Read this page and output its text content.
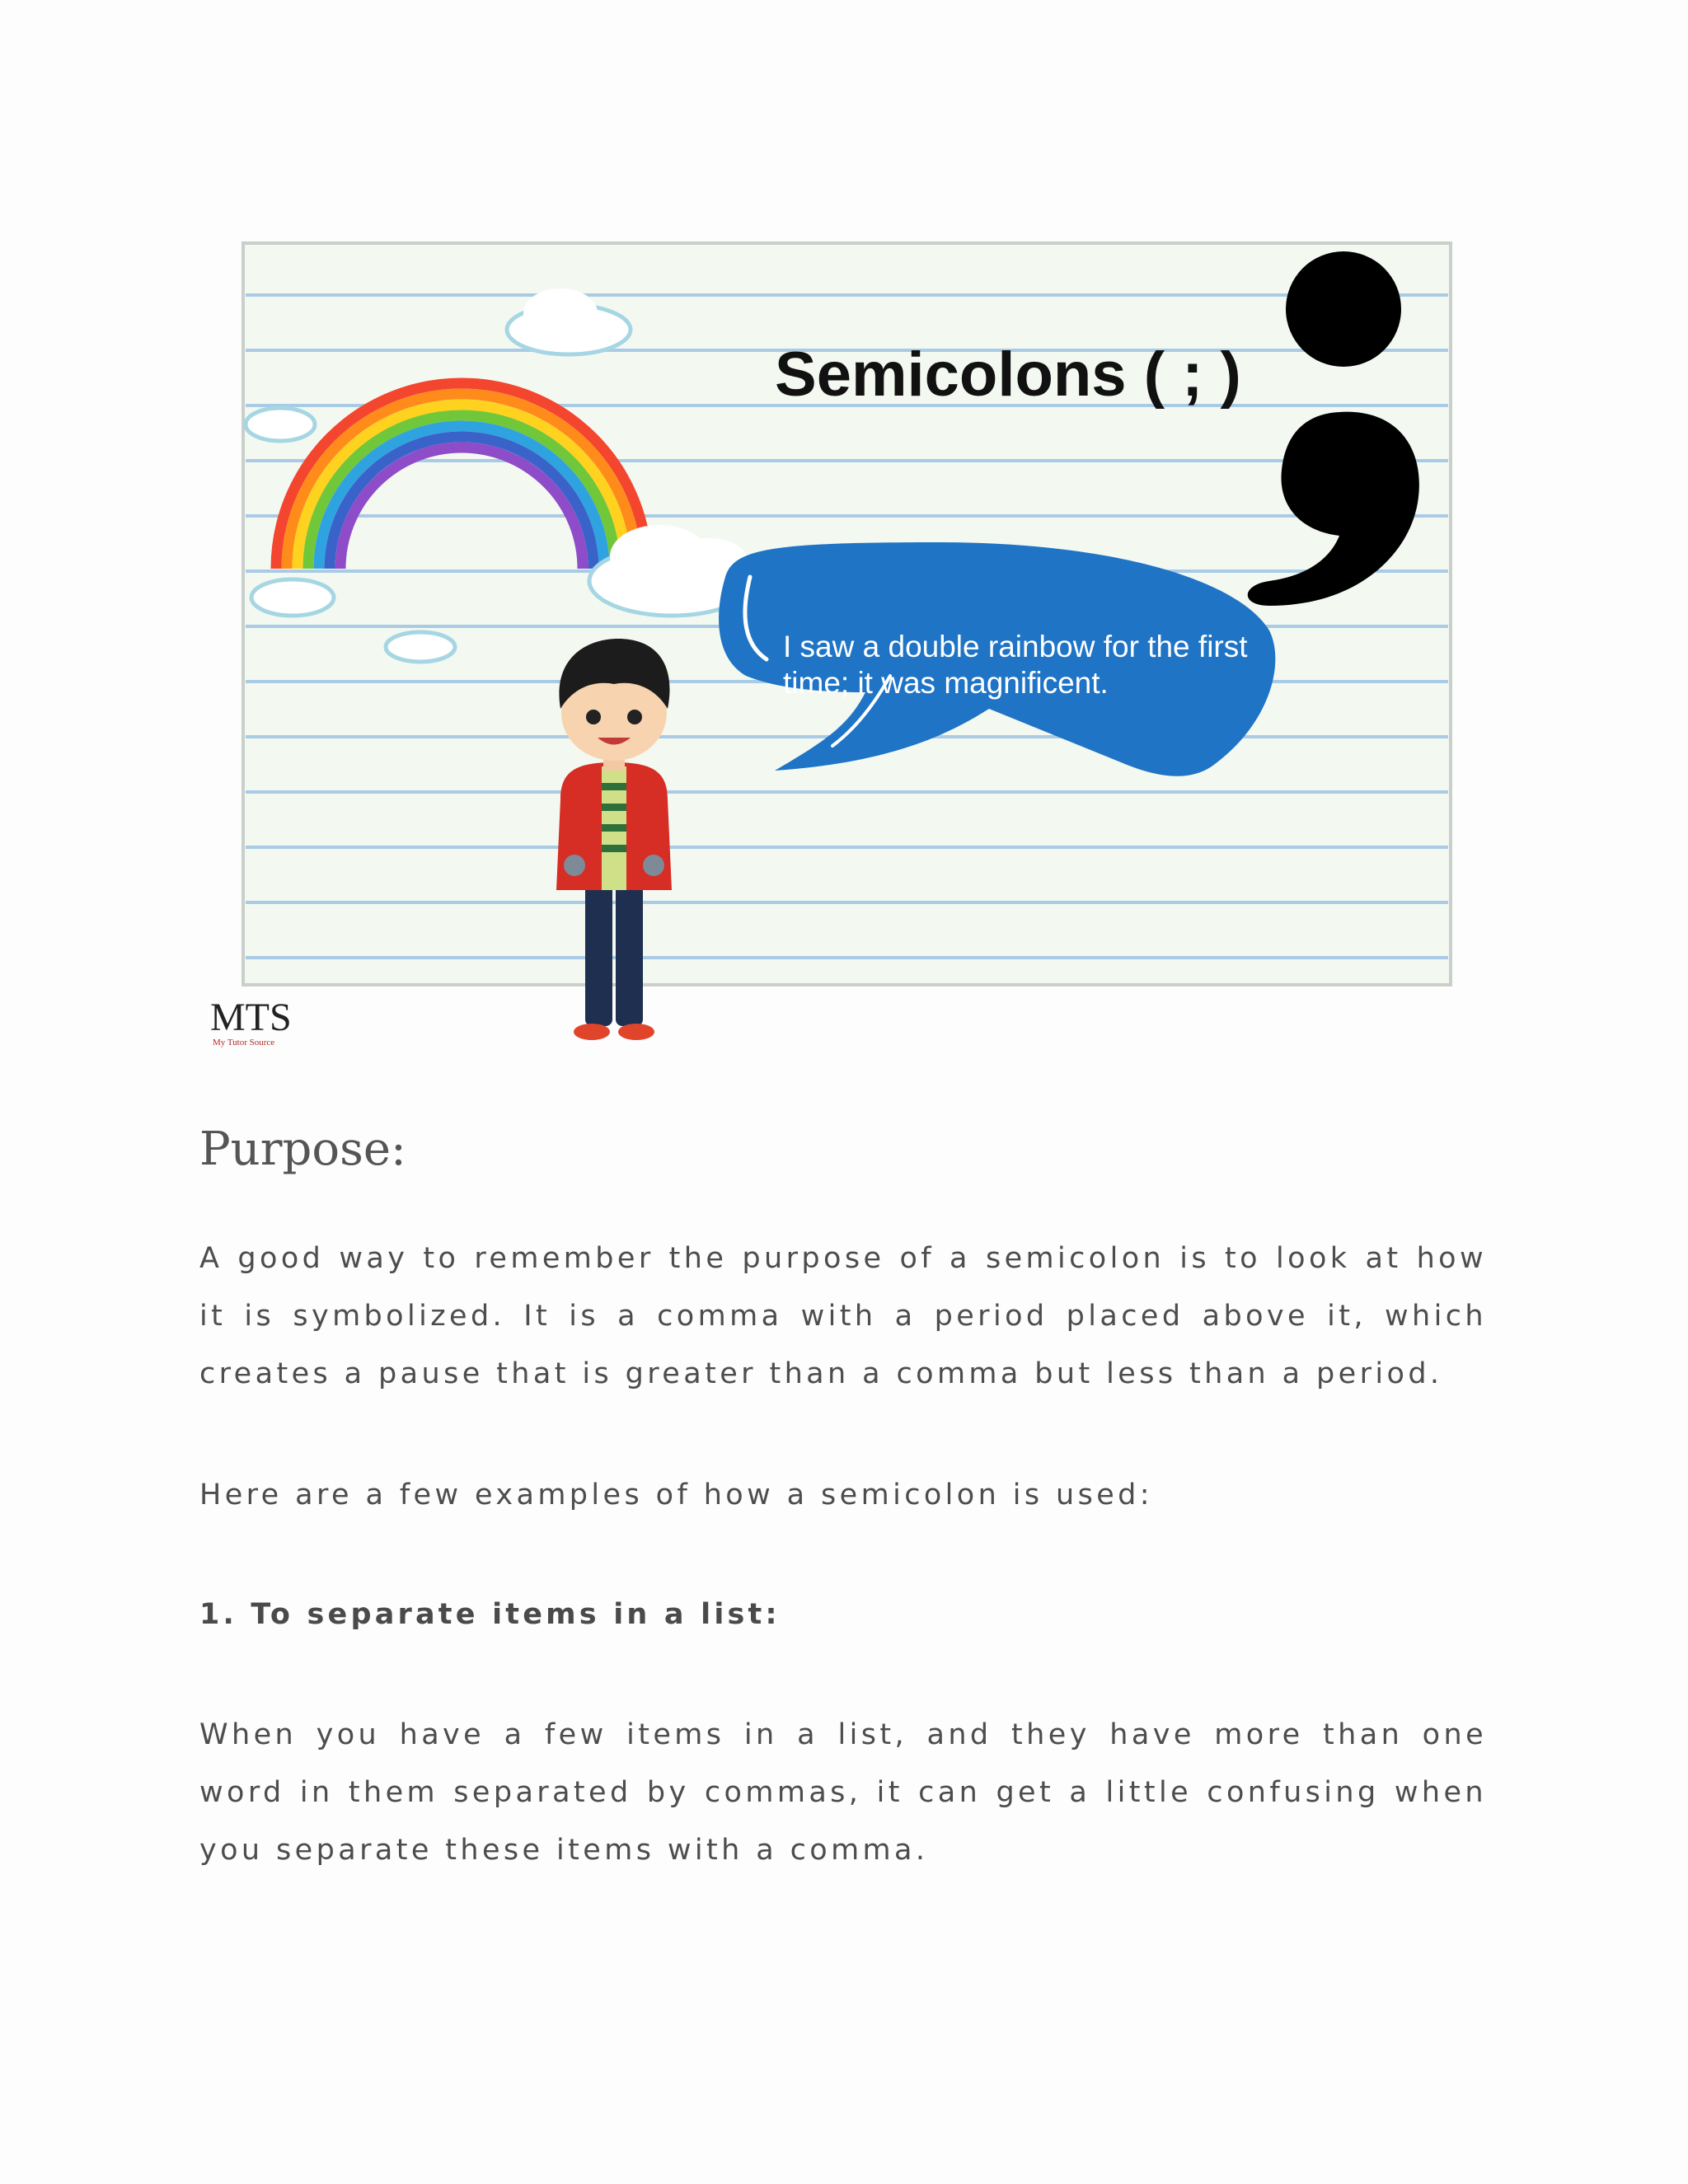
Semicolons ( ; )
I saw a double rainbow for the first
time; it was magnificent.
MTS
My Tutor Source
Purpose:

A good way to remember the purpose of a semicolon is to look at how it is symbolized. It is a comma with a period placed above it, which creates a pause that is greater than a comma but less than a period.

Here are a few examples of how a semicolon is used:

1. To separate items in a list:

When you have a few items in a list, and they have more than one word in them separated by commas, it can get a little confusing when you separate these items with a comma.
